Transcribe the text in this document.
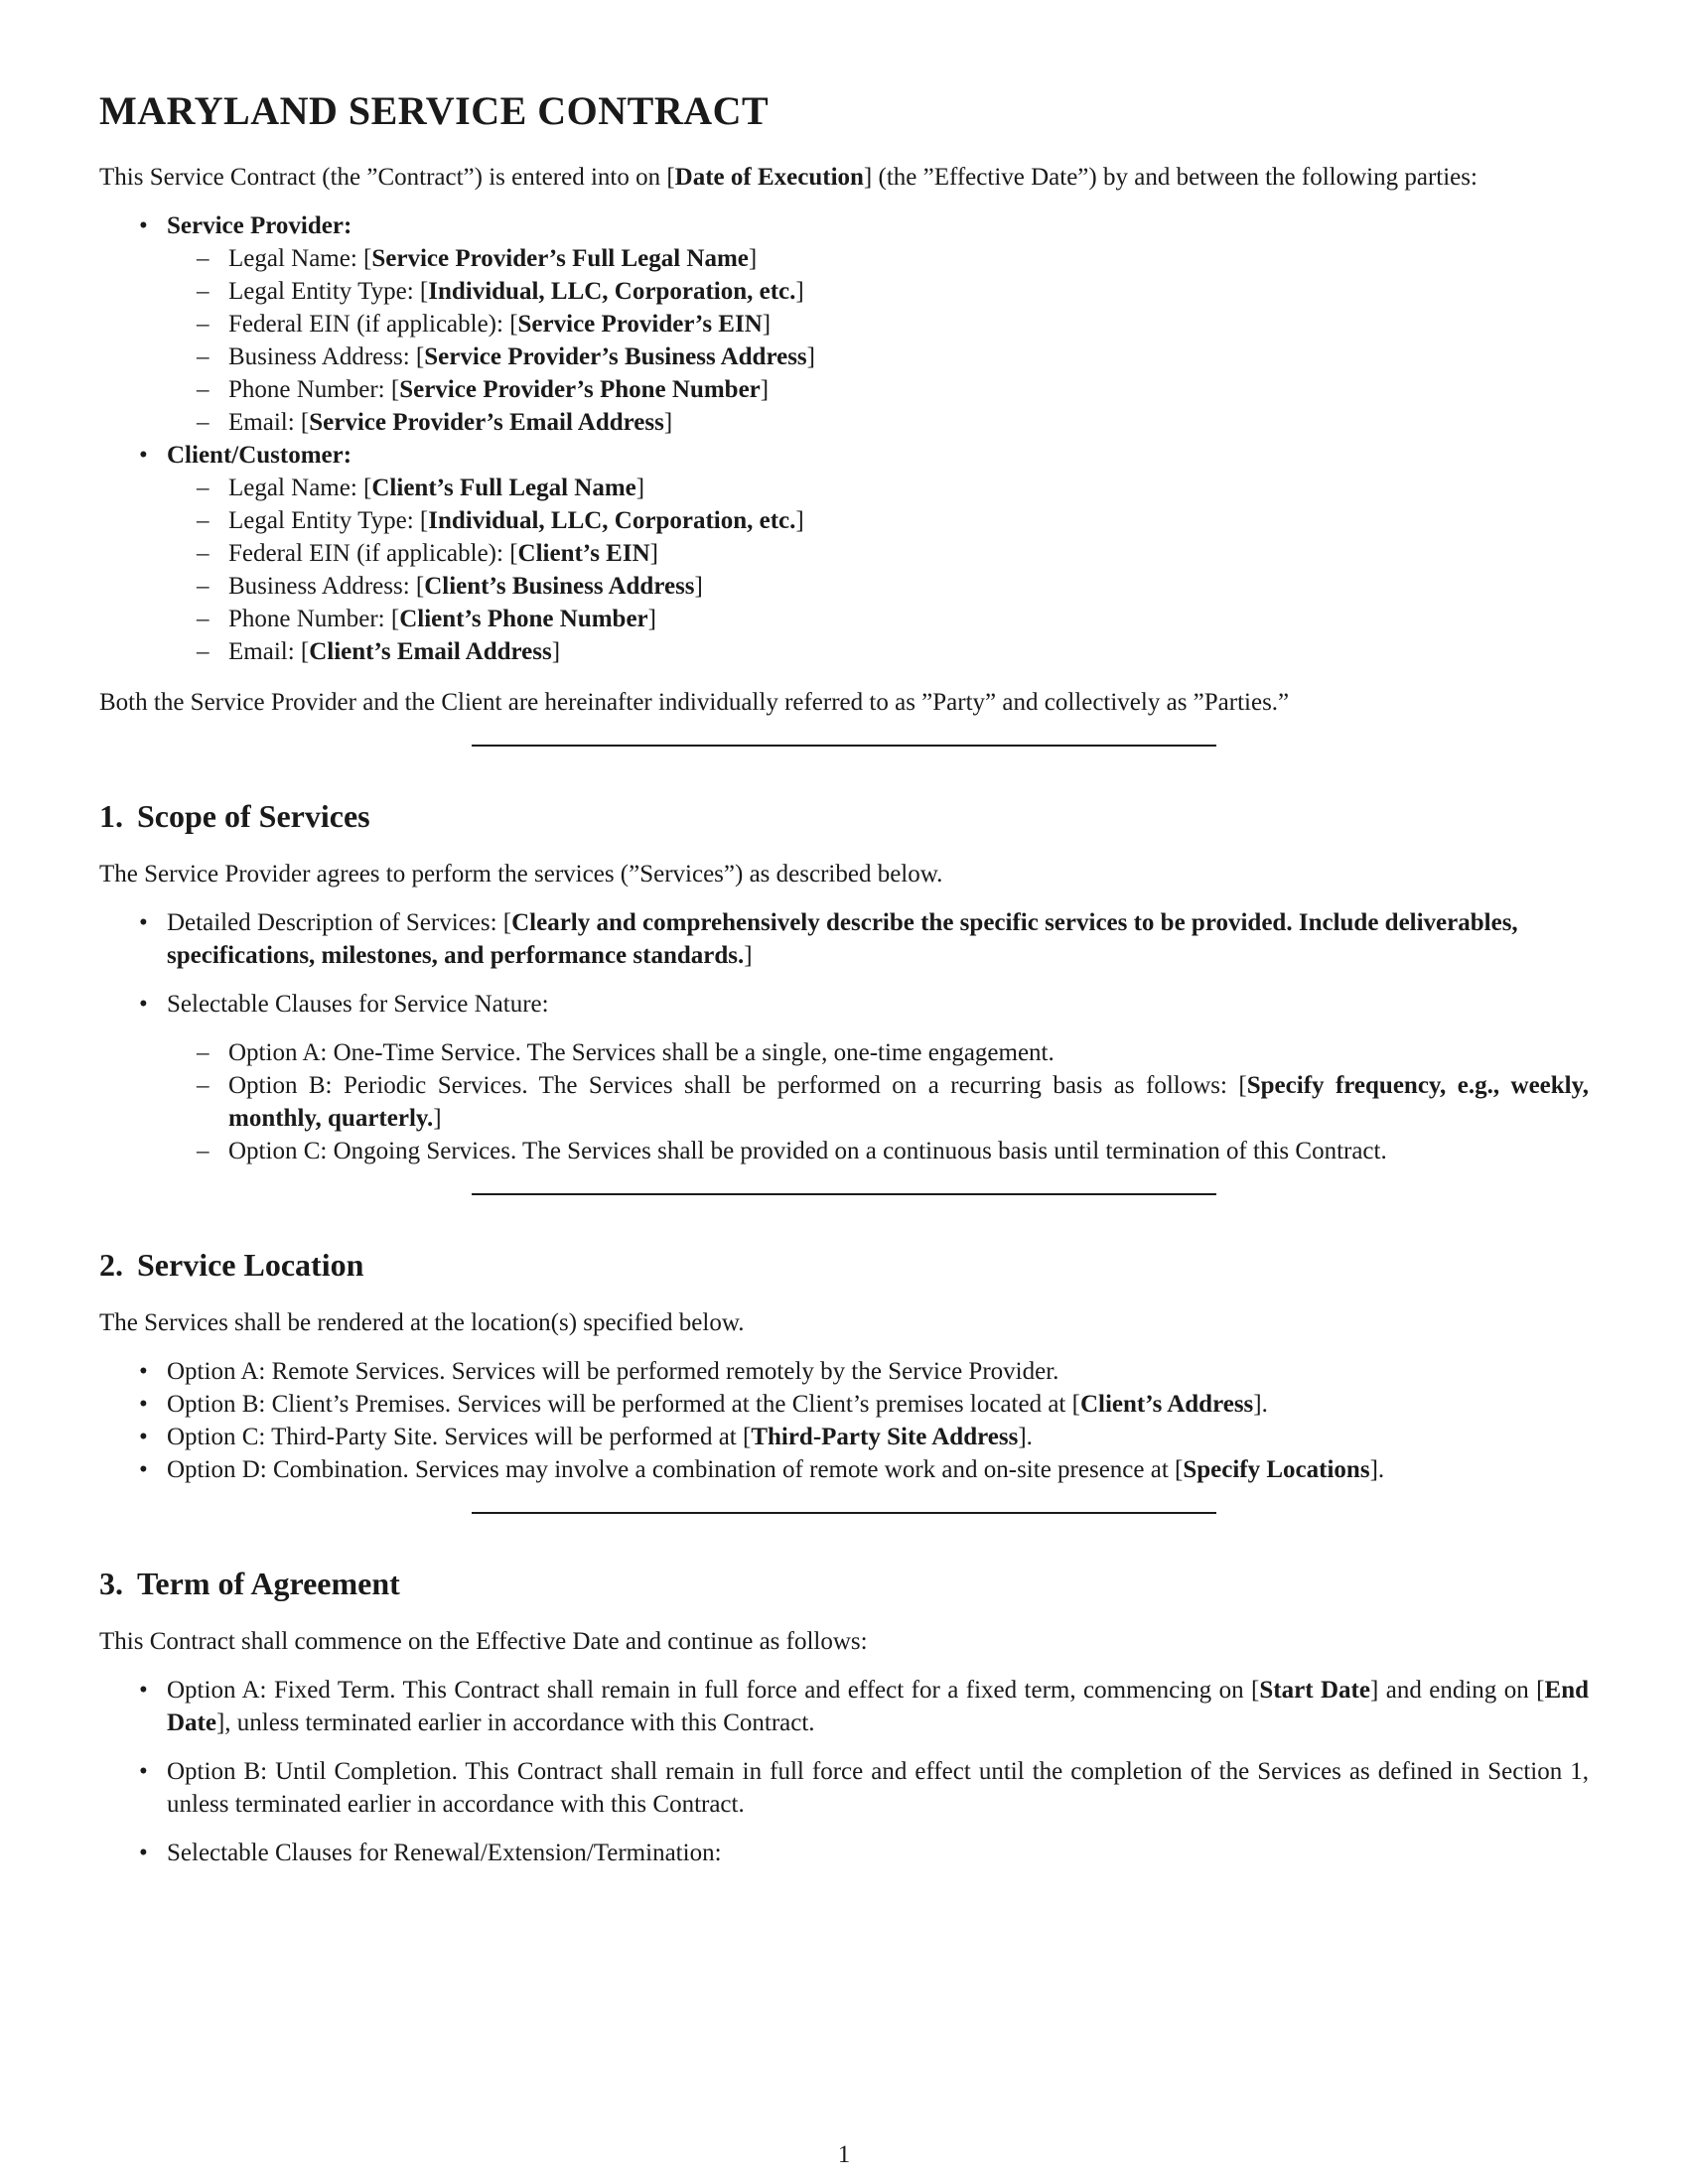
MARYLAND SERVICE CONTRACT

This Service Contract (the ”Contract”) is entered into on [Date of Execution] (the ”Effective Date”) by and between the following parties:

• Service Provider:
– Legal Name: [Service Provider’s Full Legal Name]
– Legal Entity Type: [Individual, LLC, Corporation, etc.]
– Federal EIN (if applicable): [Service Provider’s EIN]
– Business Address: [Service Provider’s Business Address]
– Phone Number: [Service Provider’s Phone Number]
– Email: [Service Provider’s Email Address]
• Client/Customer:
– Legal Name: [Client’s Full Legal Name]
– Legal Entity Type: [Individual, LLC, Corporation, etc.]
– Federal EIN (if applicable): [Client’s EIN]
– Business Address: [Client’s Business Address]
– Phone Number: [Client’s Phone Number]
– Email: [Client’s Email Address]

Both the Service Provider and the Client are hereinafter individually referred to as ”Party” and collectively as ”Parties.”

1. Scope of Services

The Service Provider agrees to perform the services (”Services”) as described below.

• Detailed Description of Services: [Clearly and comprehensively describe the specific services to be provided. Include deliverables, specifications, milestones, and performance standards.]
• Selectable Clauses for Service Nature:
– Option A: One-Time Service. The Services shall be a single, one-time engagement.
– Option B: Periodic Services. The Services shall be performed on a recurring basis as follows: [Specify frequency, e.g., weekly, monthly, quarterly.]
– Option C: Ongoing Services. The Services shall be provided on a continuous basis until termination of this Contract.
2. Service Location

The Services shall be rendered at the location(s) specified below.

• Option A: Remote Services. Services will be performed remotely by the Service Provider.
• Option B: Client’s Premises. Services will be performed at the Client’s premises located at [Client’s Address].
• Option C: Third-Party Site. Services will be performed at [Third-Party Site Address].
• Option D: Combination. Services may involve a combination of remote work and on-site presence at [Specify Locations].
3. Term of Agreement

This Contract shall commence on the Effective Date and continue as follows:

• Option A: Fixed Term. This Contract shall remain in full force and effect for a fixed term, commencing on [Start Date] and ending on [End Date], unless terminated earlier in accordance with this Contract.
• Option B: Until Completion. This Contract shall remain in full force and effect until the completion of the Services as defined in Section 1, unless terminated earlier in accordance with this Contract.
• Selectable Clauses for Renewal/Extension/Termination:
1
